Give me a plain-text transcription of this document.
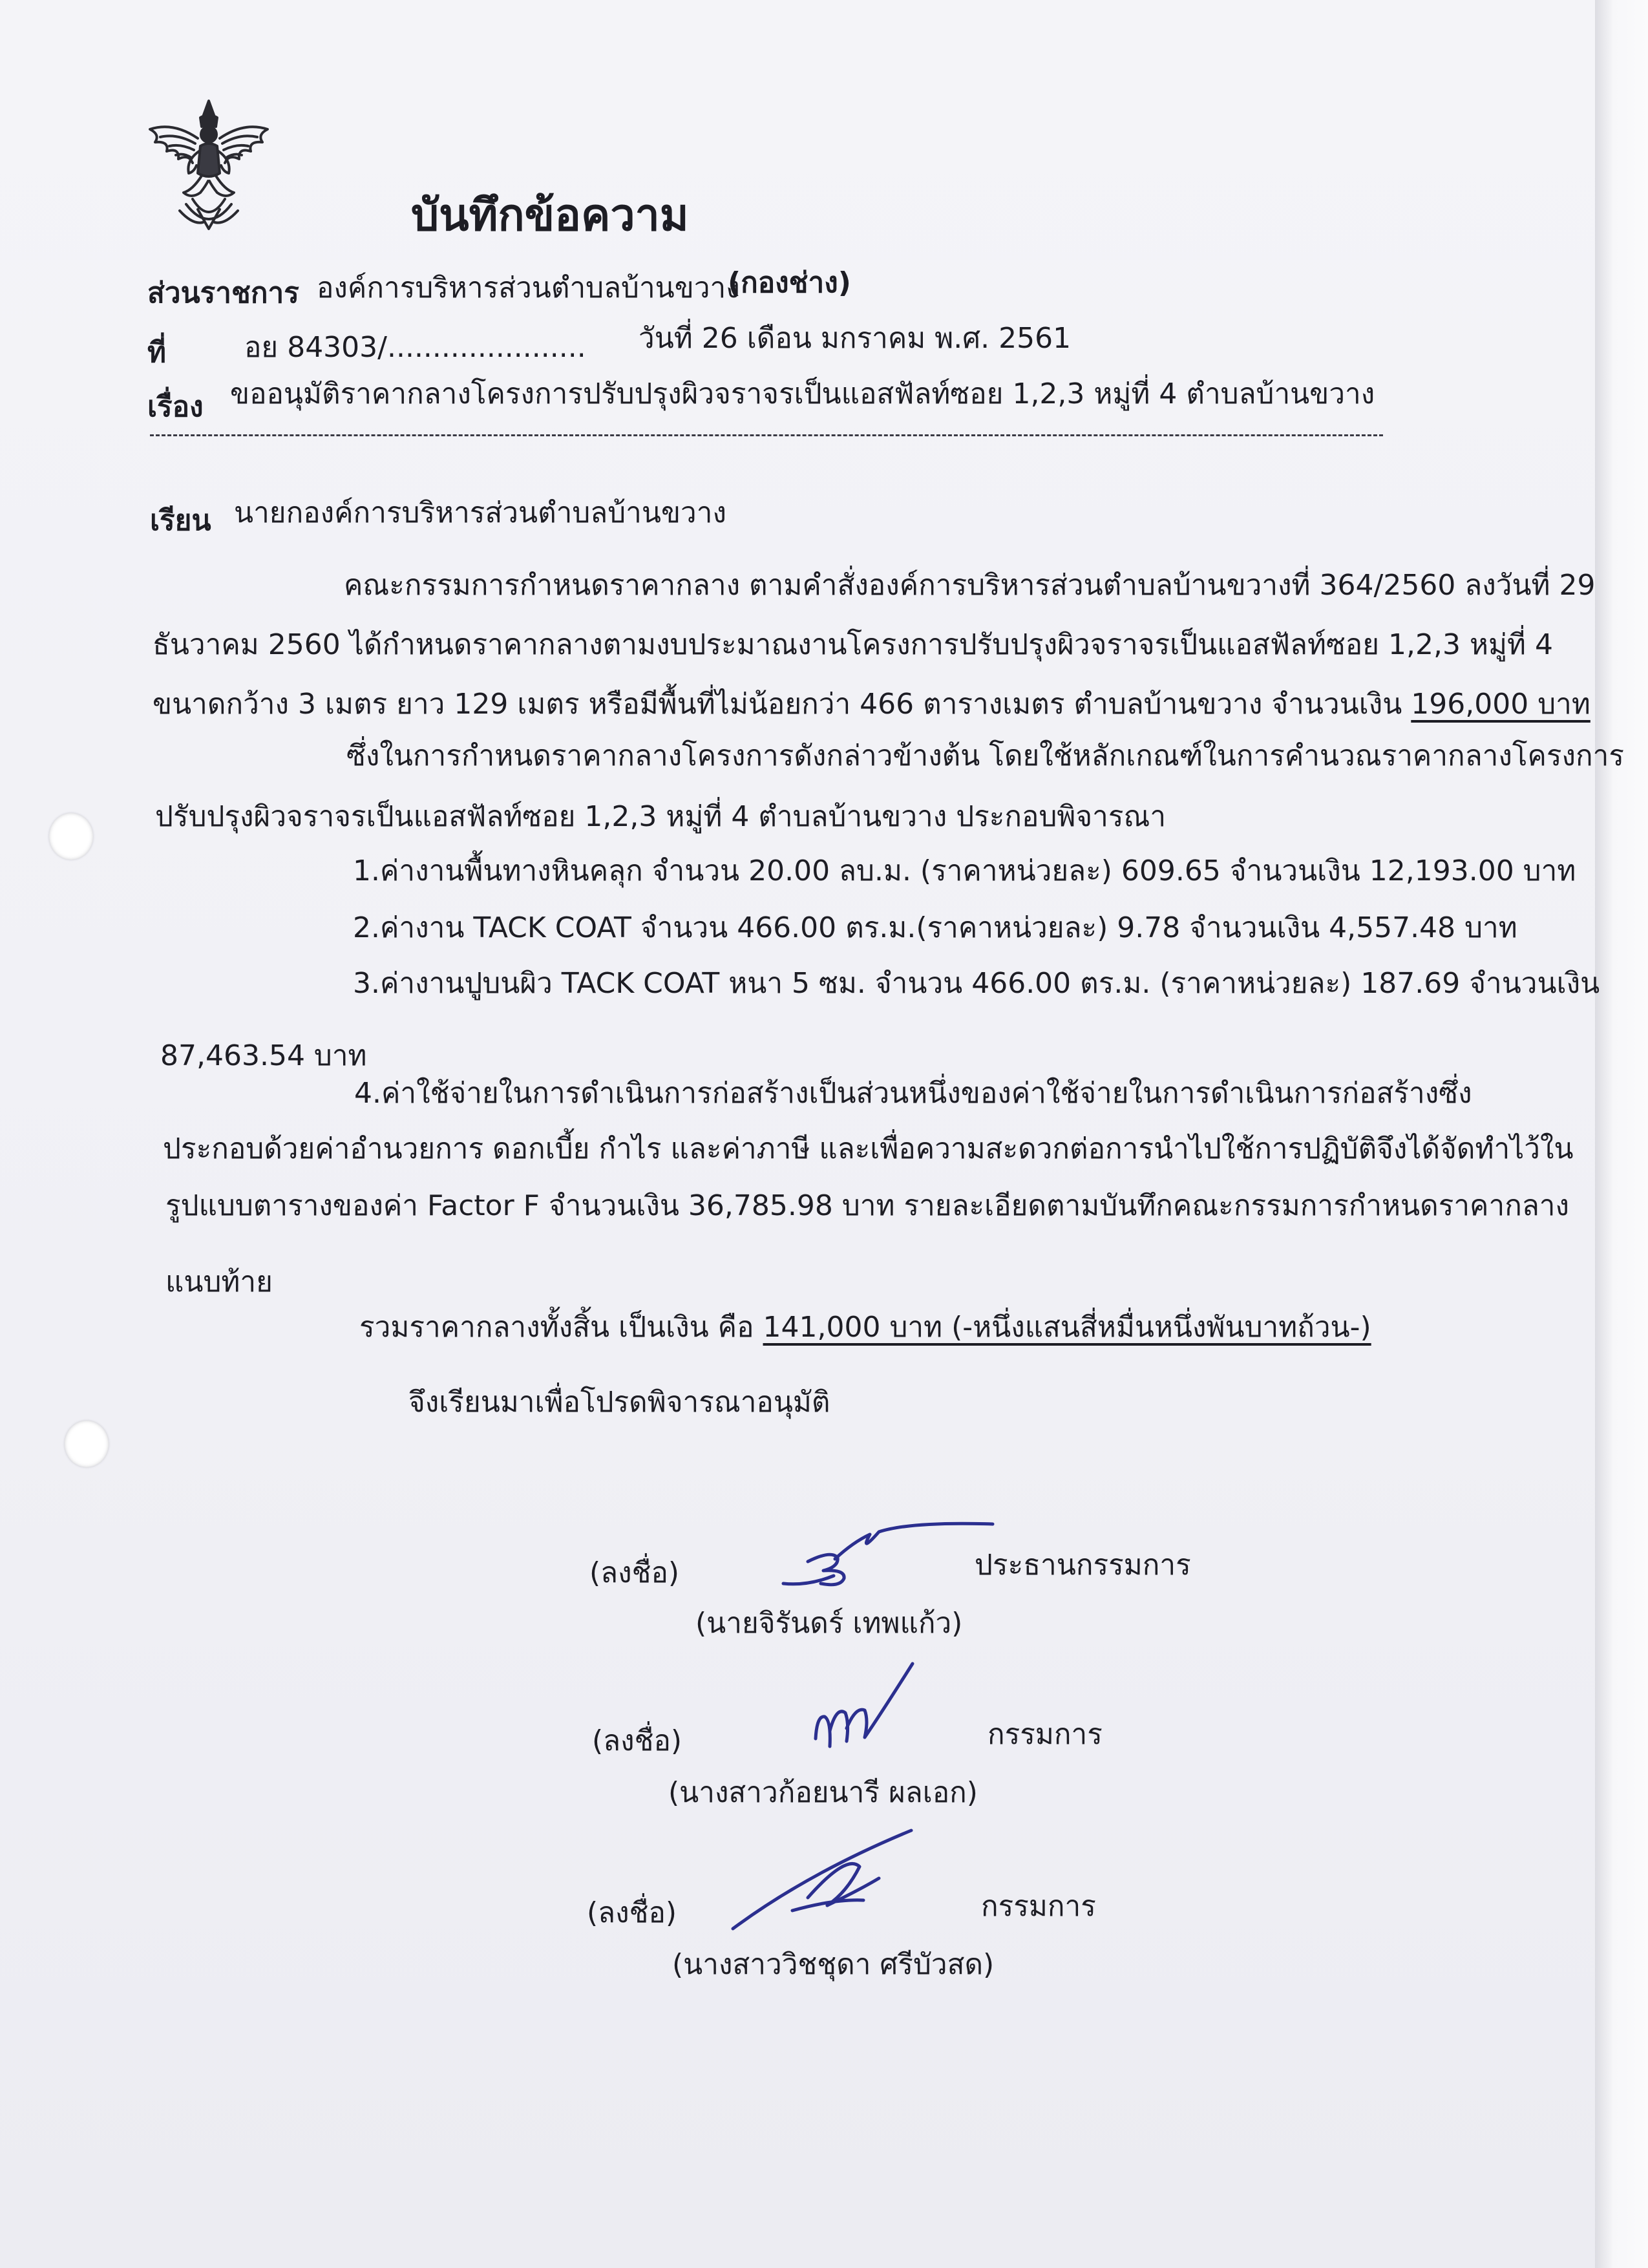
บันทึกข้อความ
ส่วนราชการ องค์การบริหารส่วนตำบลบ้านขวาง
(กองช่าง)
ที่	อย 84303/...................... วันที่ 26 เดือน มกราคม พ.ศ. 2561
เรื่อง ขออนุมัติราคากลางโครงการปรับปรุงผิวจราจรเป็นแอสฟัลท์ซอย 1,2,3 หมู่ที่ 4 ตำบลบ้านขวาง
เรียน นายกองค์การบริหารส่วนตำบลบ้านขวาง
คณะกรรมการกำหนดราคากลาง ตามคำสั่งองค์การบริหารส่วนตำบลบ้านขวางที่ 364/2560 ลงวันที่ 29
ธันวาคม 2560 ได้กำหนดราคากลางตามงบประมาณงานโครงการปรับปรุงผิวจราจรเป็นแอสฟัลท์ซอย 1,2,3 หมู่ที่ 4
ขนาดกว้าง 3 เมตร ยาว 129 เมตร หรือมีพื้นที่ไม่น้อยกว่า 466 ตารางเมตร ตำบลบ้านขวาง จำนวนเงิน 196,000 บาท
ซึ่งในการกำหนดราคากลางโครงการดังกล่าวข้างต้น โดยใช้หลักเกณฑ์ในการคำนวณราคากลางโครงการ
ปรับปรุงผิวจราจรเป็นแอสฟัลท์ซอย 1,2,3 หมู่ที่ 4 ตำบลบ้านขวาง ประกอบพิจารณา
1.ค่างานพื้นทางหินคลุก จำนวน 20.00 ลบ.ม. (ราคาหน่วยละ) 609.65 จำนวนเงิน 12,193.00 บาท
2.ค่างาน TACK COAT จำนวน 466.00 ตร.ม.(ราคาหน่วยละ) 9.78 จำนวนเงิน 4,557.48 บาท
3.ค่างานปูบนผิว TACK COAT หนา 5 ซม. จำนวน 466.00 ตร.ม. (ราคาหน่วยละ) 187.69 จำนวนเงิน
87,463.54 บาท
4.ค่าใช้จ่ายในการดำเนินการก่อสร้างเป็นส่วนหนึ่งของค่าใช้จ่ายในการดำเนินการก่อสร้างซึ่ง
ประกอบด้วยค่าอำนวยการ ดอกเบี้ย กำไร และค่าภาษี และเพื่อความสะดวกต่อการนำไปใช้การปฏิบัติจึงได้จัดทำไว้ใน
รูปแบบตารางของค่า Factor F จำนวนเงิน 36,785.98 บาท รายละเอียดตามบันทึกคณะกรรมการกำหนดราคากลาง
แนบท้าย
รวมราคากลางทั้งสิ้น เป็นเงิน คือ 141,000 บาท (-หนึ่งแสนสี่หมื่นหนึ่งพันบาทถ้วน-)
จึงเรียนมาเพื่อโปรดพิจารณาอนุมัติ
(ลงชื่อ)	ประธานกรรมการ
(นายจิรันดร์ เทพแก้ว)
(ลงชื่อ)	กรรมการ
(นางสาวก้อยนารี ผลเอก)
(ลงชื่อ)	กรรมการ
(นางสาววิชชุดา ศรีบัวสด)
